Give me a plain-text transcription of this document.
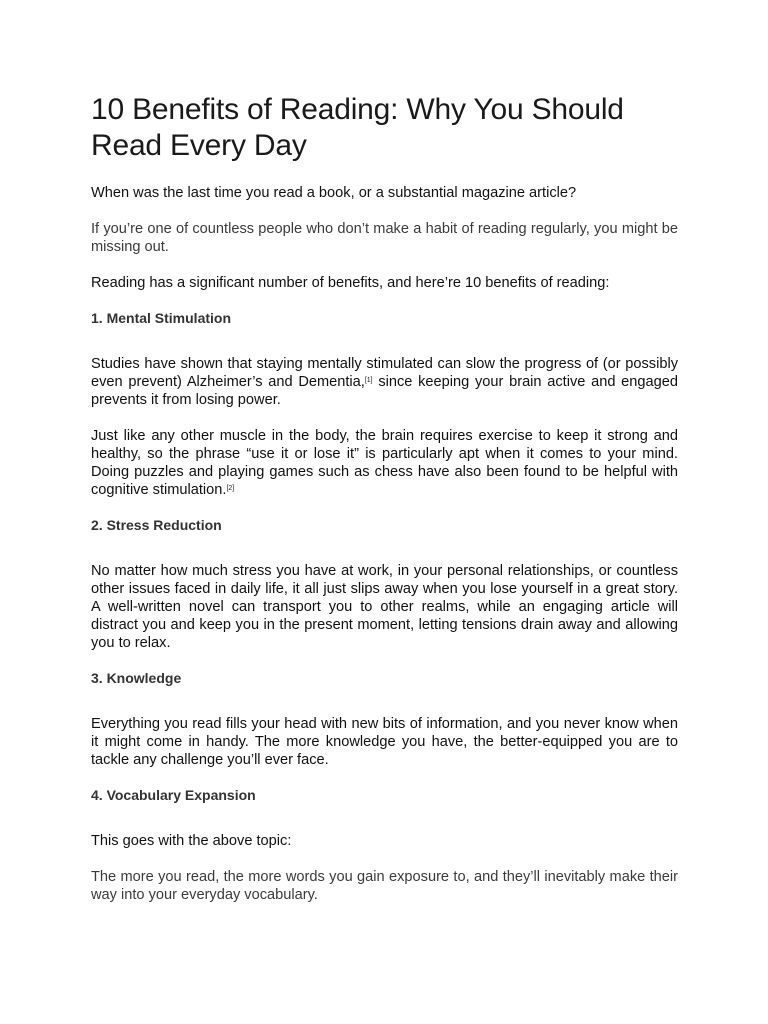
10 Benefits of Reading: Why You Should Read Every Day

When was the last time you read a book, or a substantial magazine article?

If you’re one of countless people who don’t make a habit of reading regularly, you might be missing out.

Reading has a significant number of benefits, and here’re 10 benefits of reading:

1. Mental Stimulation

Studies have shown that staying mentally stimulated can slow the progress of (or possibly even prevent) Alzheimer’s and Dementia,[1] since keeping your brain active and engaged prevents it from losing power.

Just like any other muscle in the body, the brain requires exercise to keep it strong and healthy, so the phrase “use it or lose it” is particularly apt when it comes to your mind. Doing puzzles and playing games such as chess have also been found to be helpful with cognitive stimulation.[2]

2. Stress Reduction

No matter how much stress you have at work, in your personal relationships, or countless other issues faced in daily life, it all just slips away when you lose yourself in a great story. A well-written novel can transport you to other realms, while an engaging article will distract you and keep you in the present moment, letting tensions drain away and allowing you to relax.

3. Knowledge

Everything you read fills your head with new bits of information, and you never know when it might come in handy. The more knowledge you have, the better-equipped you are to tackle any challenge you’ll ever face.

4. Vocabulary Expansion

This goes with the above topic:

The more you read, the more words you gain exposure to, and they’ll inevitably make their way into your everyday vocabulary.
